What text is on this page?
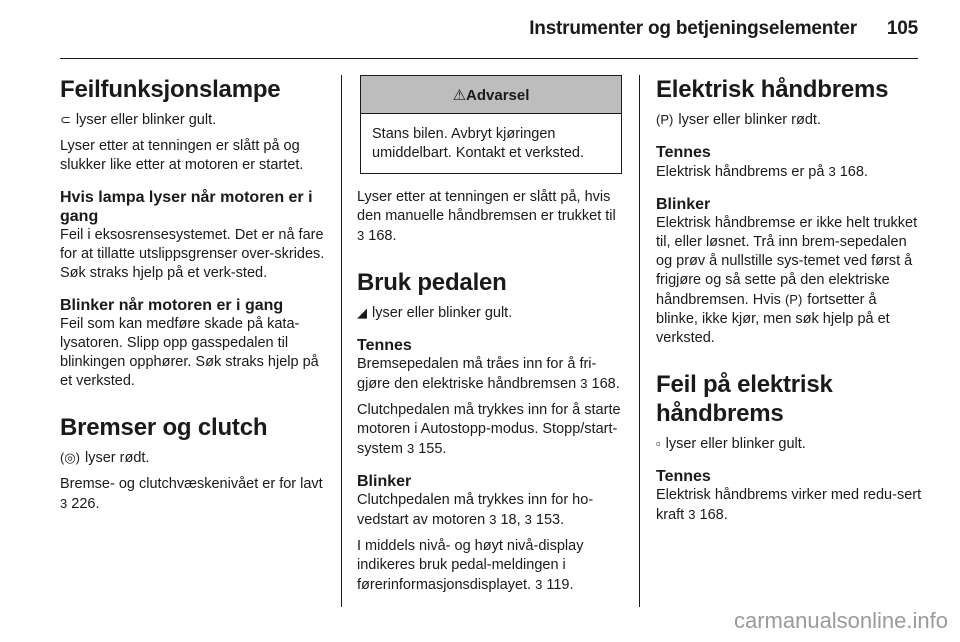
Instrumenter og betjeningselementer 105
Feilfunksjonslampe

⊂ lyser eller blinker gult.

Lyser etter at tenningen er slått på og slukker like etter at motoren er startet.

Hvis lampa lyser når motoren er i gang

Feil i eksosrensesystemet. Det er nå fare for at tillatte utslippsgrenser over-skrides. Søk straks hjelp på et verk-sted.

Blinker når motoren er i gang

Feil som kan medføre skade på kata-lysatoren. Slipp opp gasspedalen til blinkingen opphører. Søk straks hjelp på et verksted.

Bremser og clutch

(◎) lyser rødt.

Bremse- og clutchvæskenivået er for lavt 3 226.

⚠Advarsel
Stans bilen. Avbryt kjøringen umiddelbart. Kontakt et verksted.

Lyser etter at tenningen er slått på, hvis den manuelle håndbremsen er trukket til 3 168.

Bruk pedalen

◢ lyser eller blinker gult.

Tennes

Bremsepedalen må tråes inn for å fri-gjøre den elektriske håndbremsen 3 168.

Clutchpedalen må trykkes inn for å starte motoren i Autostopp-modus. Stopp/start-system 3 155.

Blinker

Clutchpedalen må trykkes inn for ho-vedstart av motoren 3 18, 3 153.

I middels nivå- og høyt nivå-display indikeres bruk pedal-meldingen i førerinformasjonsdisplayet. 3 119.

Elektrisk håndbrems

(P) lyser eller blinker rødt.

Tennes

Elektrisk håndbrems er på 3 168.

Blinker

Elektrisk håndbremse er ikke helt trukket til, eller løsnet. Trå inn brem-sepedalen og prøv å nullstille sys-temet ved først å frigjøre og så sette på den elektriske håndbremsen. Hvis (P) fortsetter å blinke, ikke kjør, men søk hjelp på et verksted.

Feil på elektrisk håndbrems

▫ lyser eller blinker gult.

Tennes

Elektrisk håndbrems virker med redu-sert kraft 3 168.

carmanualsonline.info
